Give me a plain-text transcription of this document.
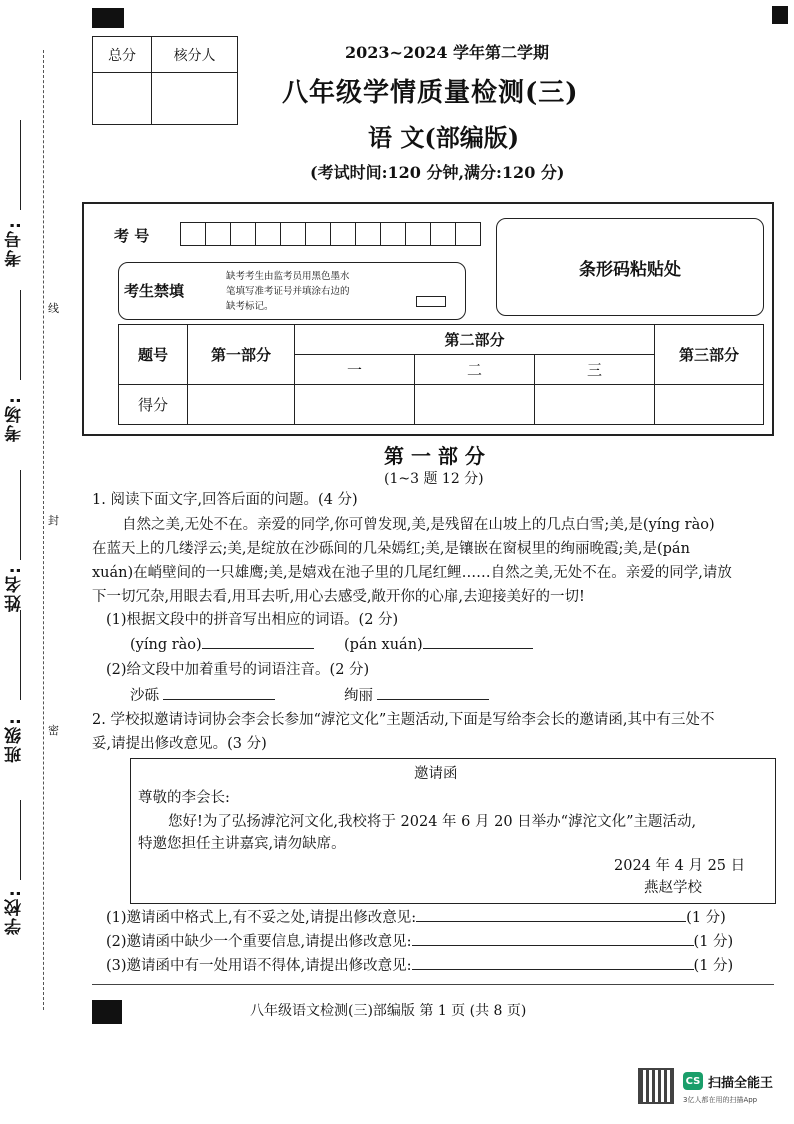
考号:
考场:
姓名:
班级:
学校:
线
封
密
总分	核分人
		2023~2024 学年第二学期
八年级学情质量检测(三)
语 文(部编版)
(考试时间:120 分钟,满分:120 分)
考 号
条形码粘贴处
考生禁填
缺考考生由监考员用黑色墨水
笔填写准考证号并填涂右边的
缺考标记。
题号	第一部分	第二部分			第三部分
		一	二	三	
得分					
第 一 部 分
(1~3 题 12 分)
1. 阅读下面文字,回答后面的问题。(4 分)
自然之美,无处不在。亲爱的同学,你可曾发现,美,是残留在山坡上的几点白雪;美,是(yíng rào)
在蓝天上的几缕浮云;美,是绽放在沙砾间的几朵嫣红;美,是镶嵌在窗棂里的绚丽晚霞;美,是(pán
xuán)在峭壁间的一只雄鹰;美,是嬉戏在池子里的几尾红鲤……自然之美,无处不在。亲爱的同学,请放
下一切冗杂,用眼去看,用耳去听,用心去感受,敞开你的心扉,去迎接美好的一切!
(1)根据文段中的拼音写出相应的词语。(2 分)
(yíng rào)	(pán xuán)
(2)给文段中加着重号的词语注音。(2 分)
沙砾	绚丽
2. 学校拟邀请诗词协会李会长参加“滹沱文化”主题活动,下面是写给李会长的邀请函,其中有三处不
妥,请提出修改意见。(3 分)
邀请函
尊敬的李会长:
您好!为了弘扬滹沱河文化,我校将于 2024 年 6 月 20 日举办“滹沱文化”主题活动,
特邀您担任主讲嘉宾,请勿缺席。
2024 年 4 月 25 日
燕赵学校
(1)邀请函中格式上,有不妥之处,请提出修改意见:	(1 分)
(2)邀请函中缺少一个重要信息,请提出修改意见:	(1 分)
(3)邀请函中有一处用语不得体,请提出修改意见:	(1 分)
八年级语文检测(三)部编版 第 1 页 (共 8 页)
CS 扫描全能王
3亿人都在用的扫描App
